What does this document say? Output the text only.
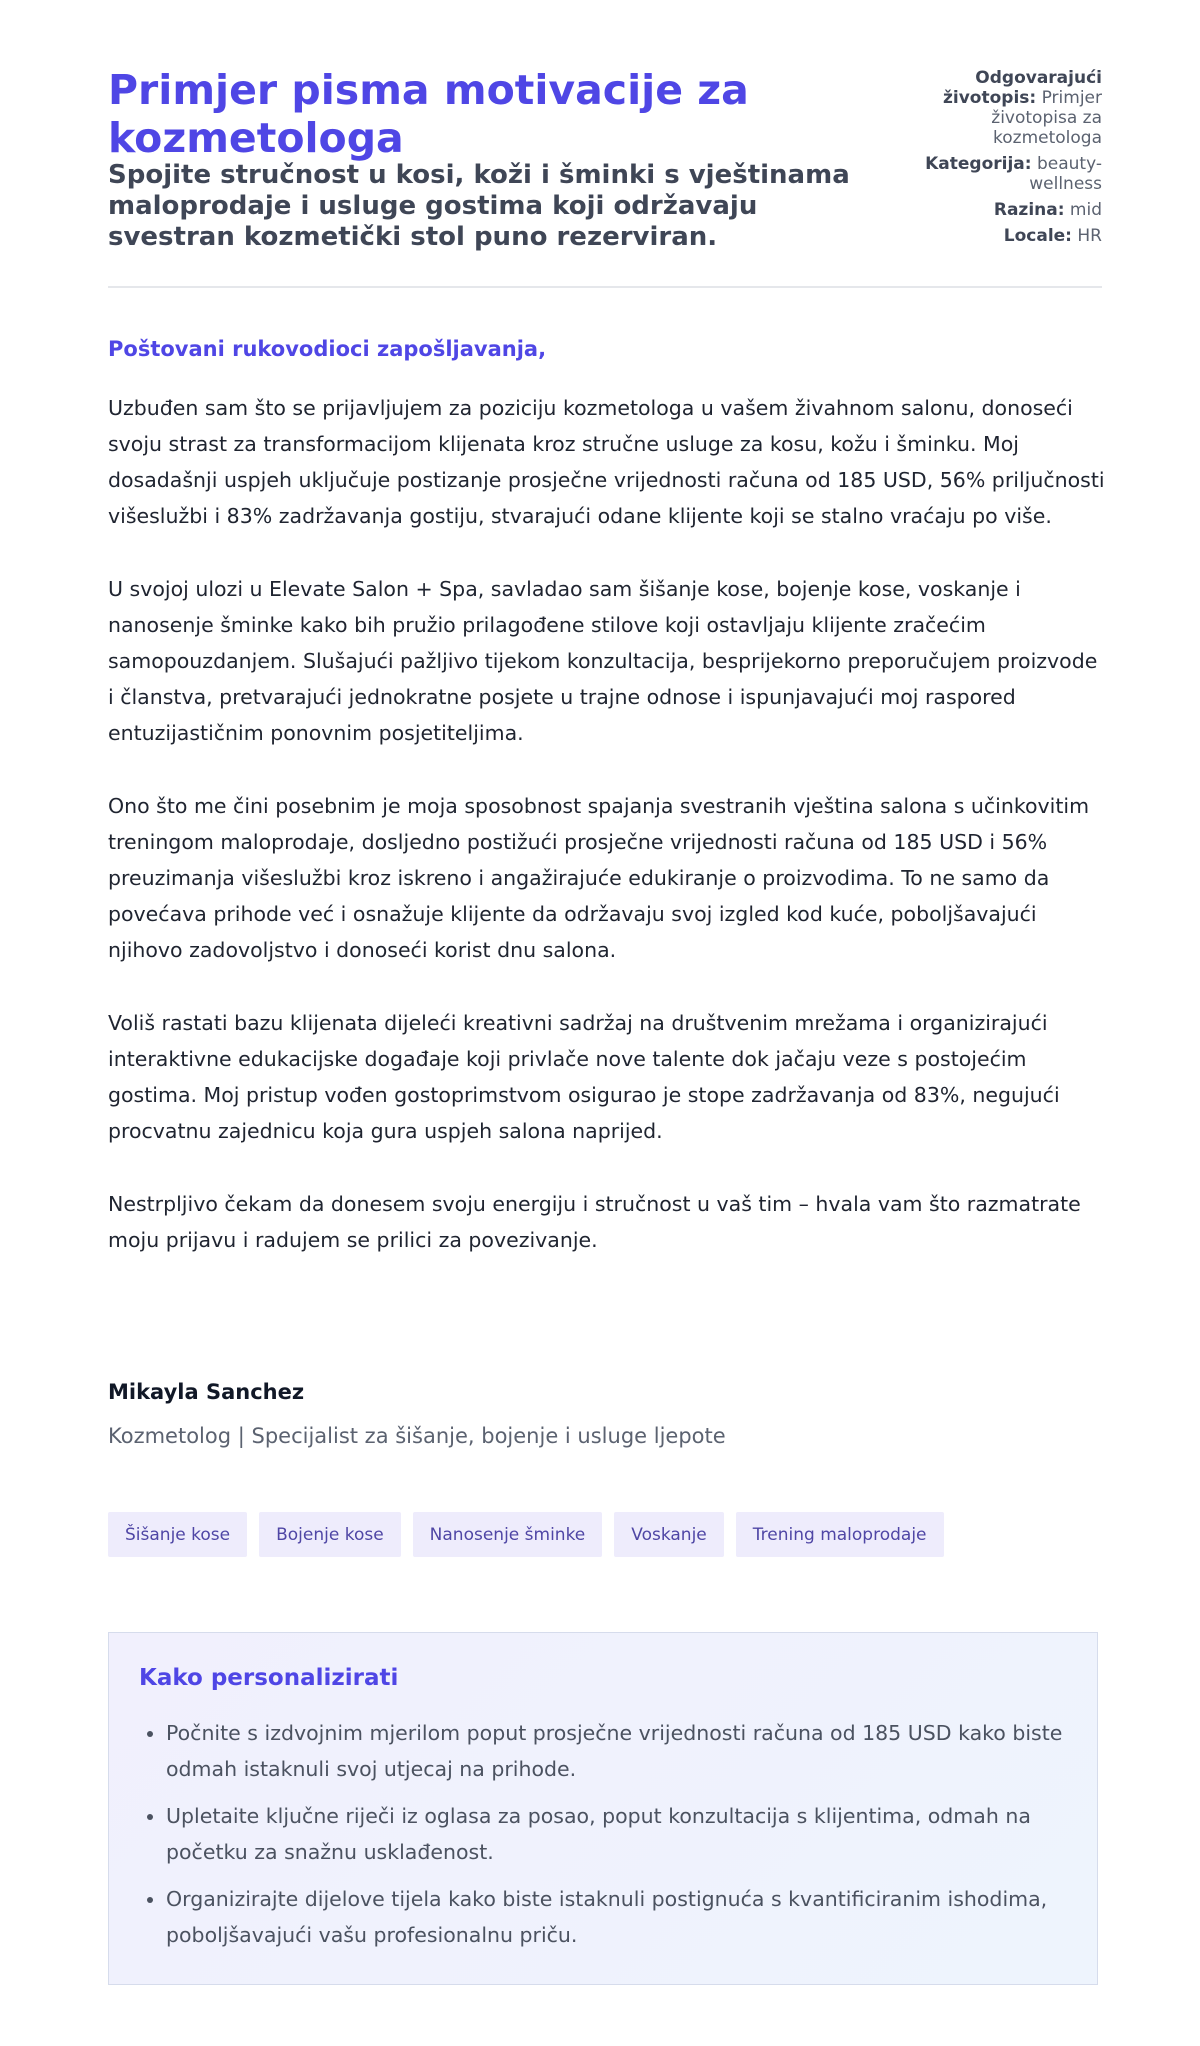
Primjer pisma motivacije za kozmetologa

Spojite stručnost u kosi, koži i šminki s vještinama maloprodaje i usluge gostima koji održavaju svestran kozmetički stol puno rezerviran.

Odgovarajući životopis: Primjer životopisa za kozmetologa
Kategorija: beauty-wellness
Razina: mid
Locale: HR

Poštovani rukovodioci zapošljavanja,

Uzbuđen sam što se prijavljujem za poziciju kozmetologa u vašem živahnom salonu, donoseći svoju strast za transformacijom klijenata kroz stručne usluge za kosu, kožu i šminku. Moj dosadašnji uspjeh uključuje postizanje prosječne vrijednosti računa od 185 USD, 56% priljučnosti višeslužbi i 83% zadržavanja gostiju, stvarajući odane klijente koji se stalno vraćaju po više.

U svojoj ulozi u Elevate Salon + Spa, savladao sam šišanje kose, bojenje kose, voskanje i nanosenje šminke kako bih pružio prilagođene stilove koji ostavljaju klijente zračećim samopouzdanjem. Slušajući pažljivo tijekom konzultacija, besprijekorno preporučujem proizvode i članstva, pretvarajući jednokratne posjete u trajne odnose i ispunjavajući moj raspored entuzijastičnim ponovnim posjetiteljima.

Ono što me čini posebnim je moja sposobnost spajanja svestranih vještina salona s učinkovitim treningom maloprodaje, dosljedno postižući prosječne vrijednosti računa od 185 USD i 56% preuzimanja višeslužbi kroz iskreno i angažirajuće edukiranje o proizvodima. To ne samo da povećava prihode već i osnažuje klijente da održavaju svoj izgled kod kuće, poboljšavajući njihovo zadovoljstvo i donoseći korist dnu salona.

Voliš rastati bazu klijenata dijeleći kreativni sadržaj na društvenim mrežama i organizirajući interaktivne edukacijske događaje koji privlače nove talente dok jačaju veze s postojećim gostima. Moj pristup vođen gostoprimstvom osigurao je stope zadržavanja od 83%, negujući procvatnu zajednicu koja gura uspjeh salona naprijed.

Nestrpljivo čekam da donesem svoju energiju i stručnost u vaš tim – hvala vam što razmatrate moju prijavu i radujem se prilici za povezivanje.

Mikayla Sanchez

Kozmetolog | Specijalist za šišanje, bojenje i usluge ljepote

Šišanje kose	Bojenje kose	Nanosenje šminke	Voskanje	Trening maloprodaje
Kako personalizirati
• Počnite s izdvojnim mjerilom poput prosječne vrijednosti računa od 185 USD kako biste odmah istaknuli svoj utjecaj na prihode.
• Upletaite ključne riječi iz oglasa za posao, poput konzultacija s klijentima, odmah na početku za snažnu usklađenost.
• Organizirajte dijelove tijela kako biste istaknuli postignuća s kvantificiranim ishodima, poboljšavajući vašu profesionalnu priču.
